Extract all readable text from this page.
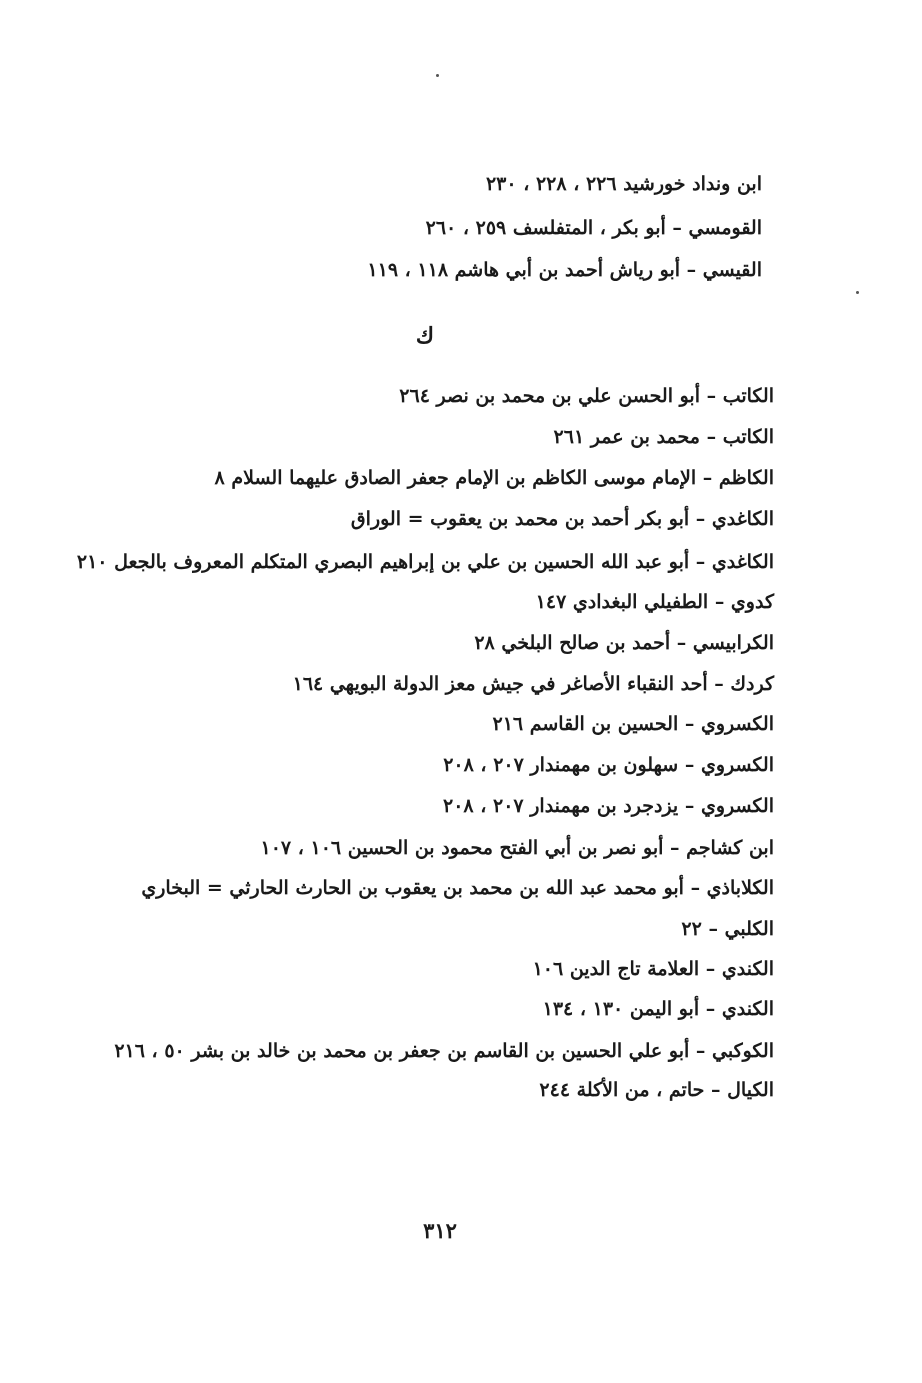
ابن ونداد خورشيد ٢٢٦ ، ٢٢٨ ، ٢٣٠
القومسي – أبو بكر ، المتفلسف ٢٥٩ ، ٢٦٠
القيسي – أبو رياش أحمد بن أبي هاشم ١١٨ ، ١١٩
ك
الكاتب – أبو الحسن علي بن محمد بن نصر ٢٦٤
الكاتب – محمد بن عمر ٢٦١
الكاظم – الإمام موسى الكاظم بن الإمام جعفر الصادق عليهما السلام ٨
الكاغدي – أبو بكر أحمد بن محمد بن يعقوب = الوراق
الكاغدي – أبو عبد الله الحسين بن علي بن إبراهيم البصري المتكلم المعروف بالجعل ٢١٠
كدوي – الطفيلي البغدادي ١٤٧
الكرابيسي – أحمد بن صالح البلخي ٢٨
كردك – أحد النقباء الأصاغر في جيش معز الدولة البويهي ١٦٤
الكسروي – الحسين بن القاسم ٢١٦
الكسروي – سهلون بن مهمندار ٢٠٧ ، ٢٠٨
الكسروي – يزدجرد بن مهمندار ٢٠٧ ، ٢٠٨
ابن كشاجم – أبو نصر بن أبي الفتح محمود بن الحسين ١٠٦ ، ١٠٧
الكلاباذي – أبو محمد عبد الله بن محمد بن يعقوب بن الحارث الحارثي = البخاري
الكلبي – ٢٢
الكندي – العلامة تاج الدين ١٠٦
الكندي – أبو اليمن ١٣٠ ، ١٣٤
الكوكبي – أبو علي الحسين بن القاسم بن جعفر بن محمد بن خالد بن بشر ٥٠ ، ٢١٦
الكيال – حاتم ، من الأكلة ٢٤٤
٣١٢
